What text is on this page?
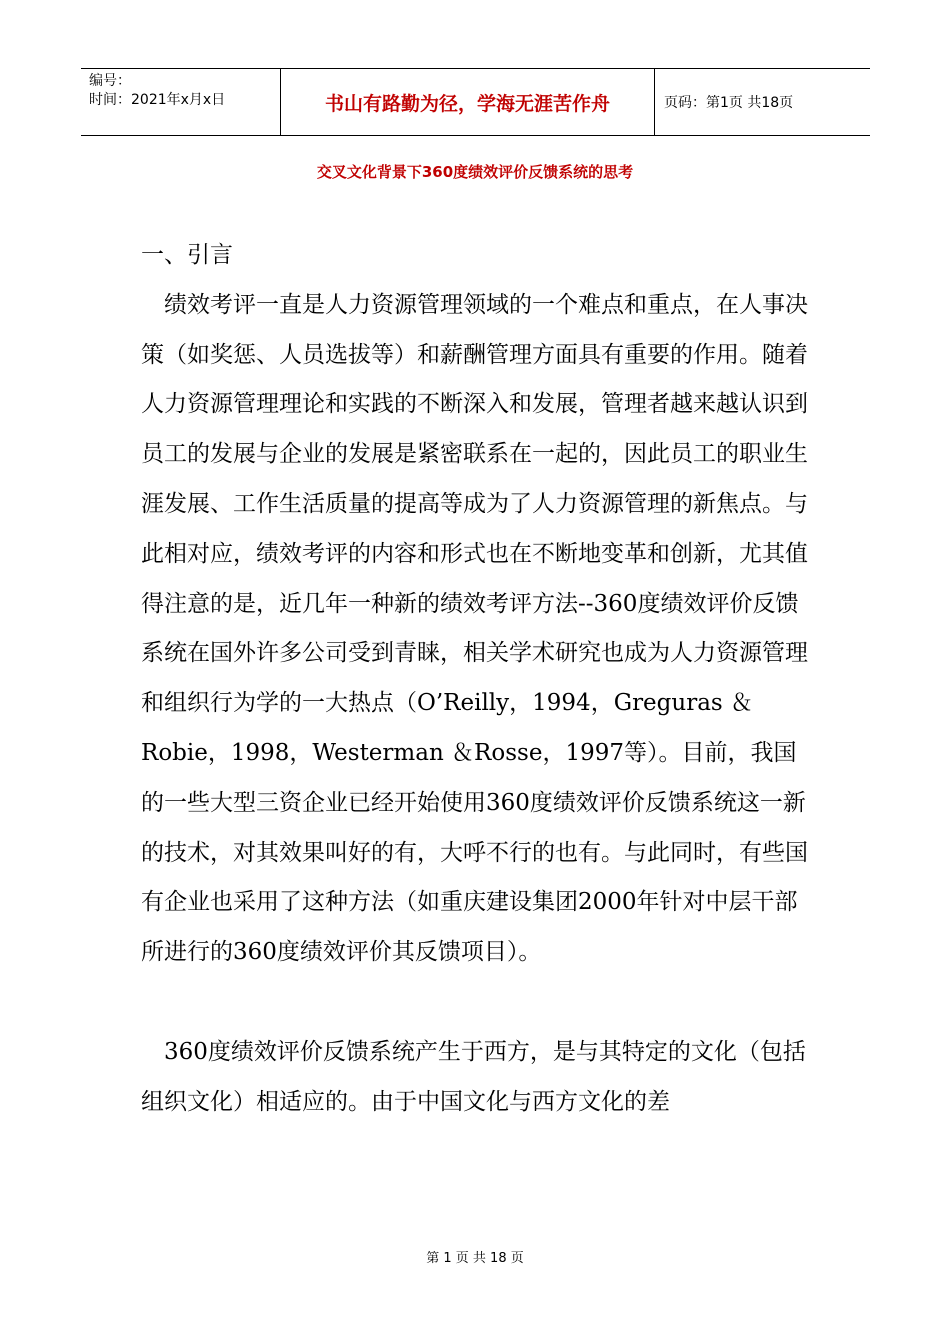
编号：
时间：2021年x月x日	书山有路勤为径，学海无涯苦作舟	页码：第1页 共18页
交叉文化背景下360度绩效评价反馈系统的思考

一、引言

绩效考评一直是人力资源管理领域的一个难点和重点，在人事决策（如奖惩、人员选拔等）和薪酬管理方面具有重要的作用。随着人力资源管理理论和实践的不断深入和发展，管理者越来越认识到员工的发展与企业的发展是紧密联系在一起的，因此员工的职业生涯发展、工作生活质量的提高等成为了人力资源管理的新焦点。与此相对应，绩效考评的内容和形式也在不断地变革和创新，尤其值得注意的是，近几年一种新的绩效考评方法--360度绩效评价反馈系统在国外许多公司受到青睐，相关学术研究也成为人力资源管理和组织行为学的一大热点（O’Reilly，1994，Greguras ＆ Robie，1998，Westerman ＆Rosse，1997等）。目前，我国的一些大型三资企业已经开始使用360度绩效评价反馈系统这一新的技术，对其效果叫好的有，大呼不行的也有。与此同时，有些国有企业也采用了这种方法（如重庆建设集团2000年针对中层干部所进行的360度绩效评价其反馈项目）。

360度绩效评价反馈系统产生于西方，是与其特定的文化（包括组织文化）相适应的。由于中国文化与西方文化的差

第 1 页 共 18 页
